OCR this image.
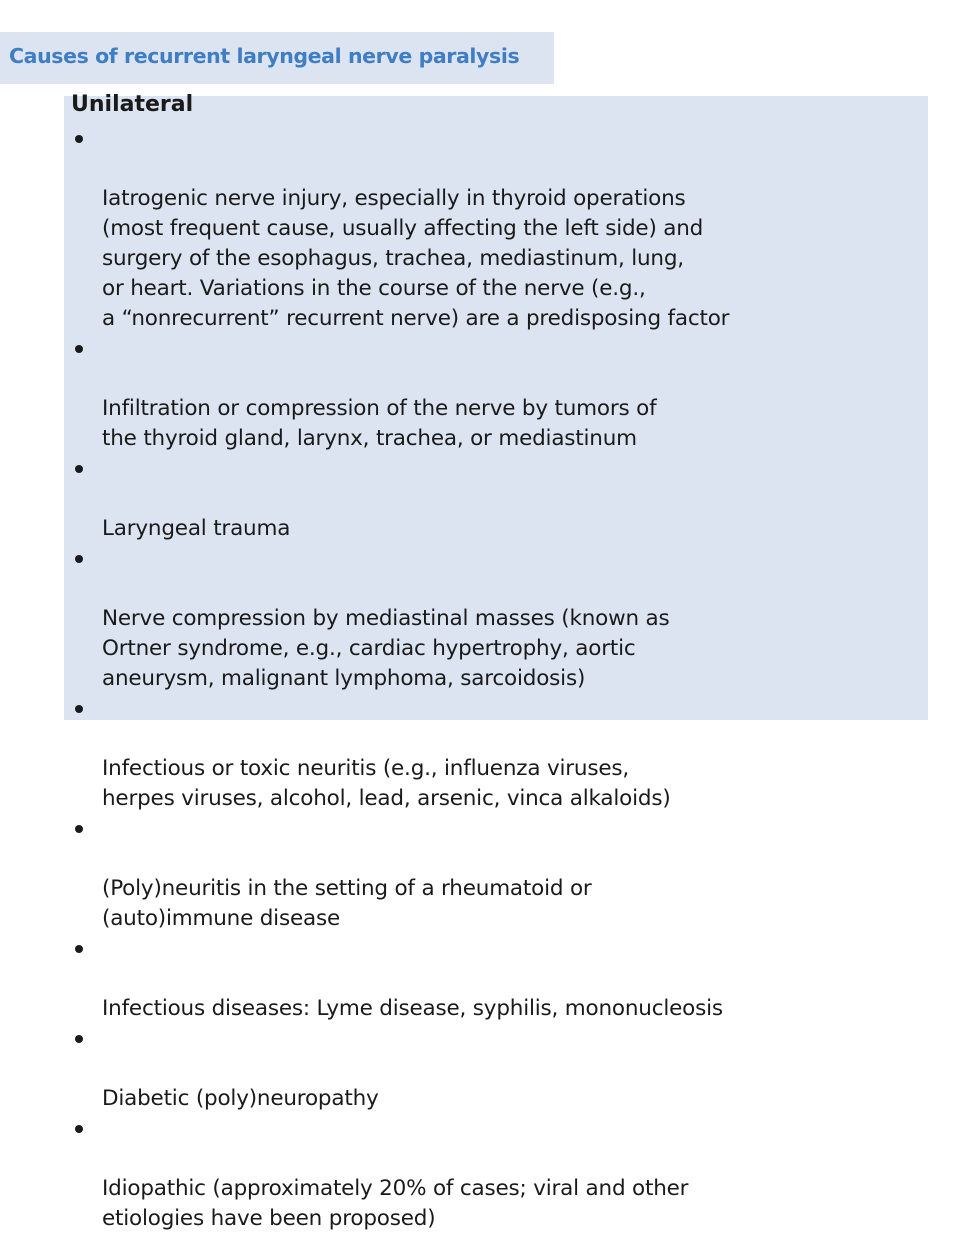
Causes of recurrent laryngeal nerve paralysis
Unilateral

Iatrogenic nerve injury, especially in thyroid operations
(most frequent cause, usually affecting the left side) and
surgery of the esophagus, trachea, mediastinum, lung,
or heart. Variations in the course of the nerve (e.g.,
a “nonrecurrent” recurrent nerve) are a predisposing factor

Infiltration or compression of the nerve by tumors of
the thyroid gland, larynx, trachea, or mediastinum

Laryngeal trauma

Nerve compression by mediastinal masses (known as
Ortner syndrome, e.g., cardiac hypertrophy, aortic
aneurysm, malignant lymphoma, sarcoidosis)

Infectious or toxic neuritis (e.g., influenza viruses,
herpes viruses, alcohol, lead, arsenic, vinca alkaloids)

(Poly)neuritis in the setting of a rheumatoid or
(auto)immune disease

Infectious diseases: Lyme disease, syphilis, mononucleosis

Diabetic (poly)neuropathy

Idiopathic (approximately 20% of cases; viral and other
etiologies have been proposed)
